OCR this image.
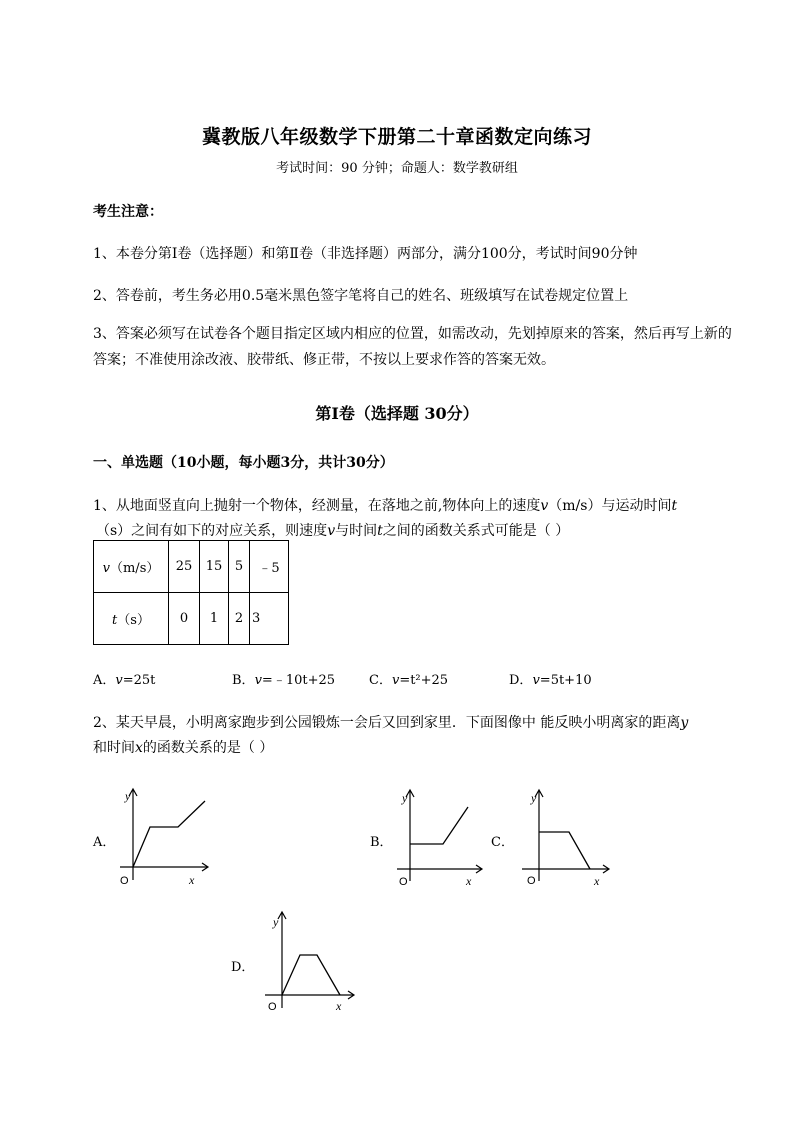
冀教版八年级数学下册第二十章函数定向练习
考试时间：90 分钟；命题人：数学教研组
考生注意：
1、本卷分第Ⅰ卷（选择题）和第Ⅱ卷（非选择题）两部分，满分100分，考试时间90分钟
2、答卷前，考生务必用0.5毫米黑色签字笔将自己的姓名、班级填写在试卷规定位置上
3、答案必须写在试卷各个题目指定区域内相应的位置，如需改动，先划掉原来的答案，然后再写上新的答案；不准使用涂改液、胶带纸、修正带，不按以上要求作答的答案无效。
第Ⅰ卷（选择题 30分）
一、单选题（10小题，每小题3分，共计30分）
1、从地面竖直向上抛射一个物体，经测量，在落地之前,物体向上的速度v（m/s）与运动时间t
（s）之间有如下的对应关系，则速度v与时间t之间的函数关系式可能是（ ）
v（m/s）	25	15	5	﹣5
t（s）	0	1	2	3
A．v=25t	B．v=﹣10t+25	C．v=t²+25	D．v=5t+10
2、某天早晨，小明离家跑步到公园锻炼一会后又回到家里．下面图像中 能反映小明离家的距离y
和时间x的函数关系的是（ ）
A．
y
x
O
B．
y
x
O
C．
y
x
O
D．
y
x
O
